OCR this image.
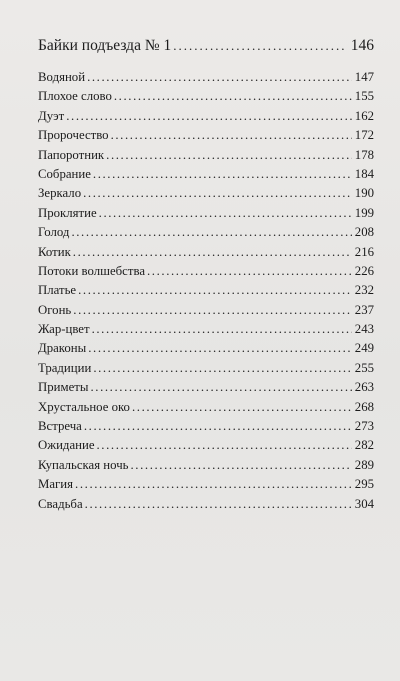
Байки подъезда № 1 .....	146
Водяной .....	147
Плохое слово .....	155
Дуэт .....	162
Пророчество .....	172
Папоротник .....	178
Собрание .....	184
Зеркало .....	190
Проклятие .....	199
Голод .....	208
Котик .....	216
Потоки волшебства .....	226
Платье .....	232
Огонь .....	237
Жар-цвет .....	243
Драконы .....	249
Традиции .....	255
Приметы .....	263
Хрустальное око .....	268
Встреча .....	273
Ожидание .....	282
Купальская ночь .....	289
Магия .....	295
Свадьба .....	304
